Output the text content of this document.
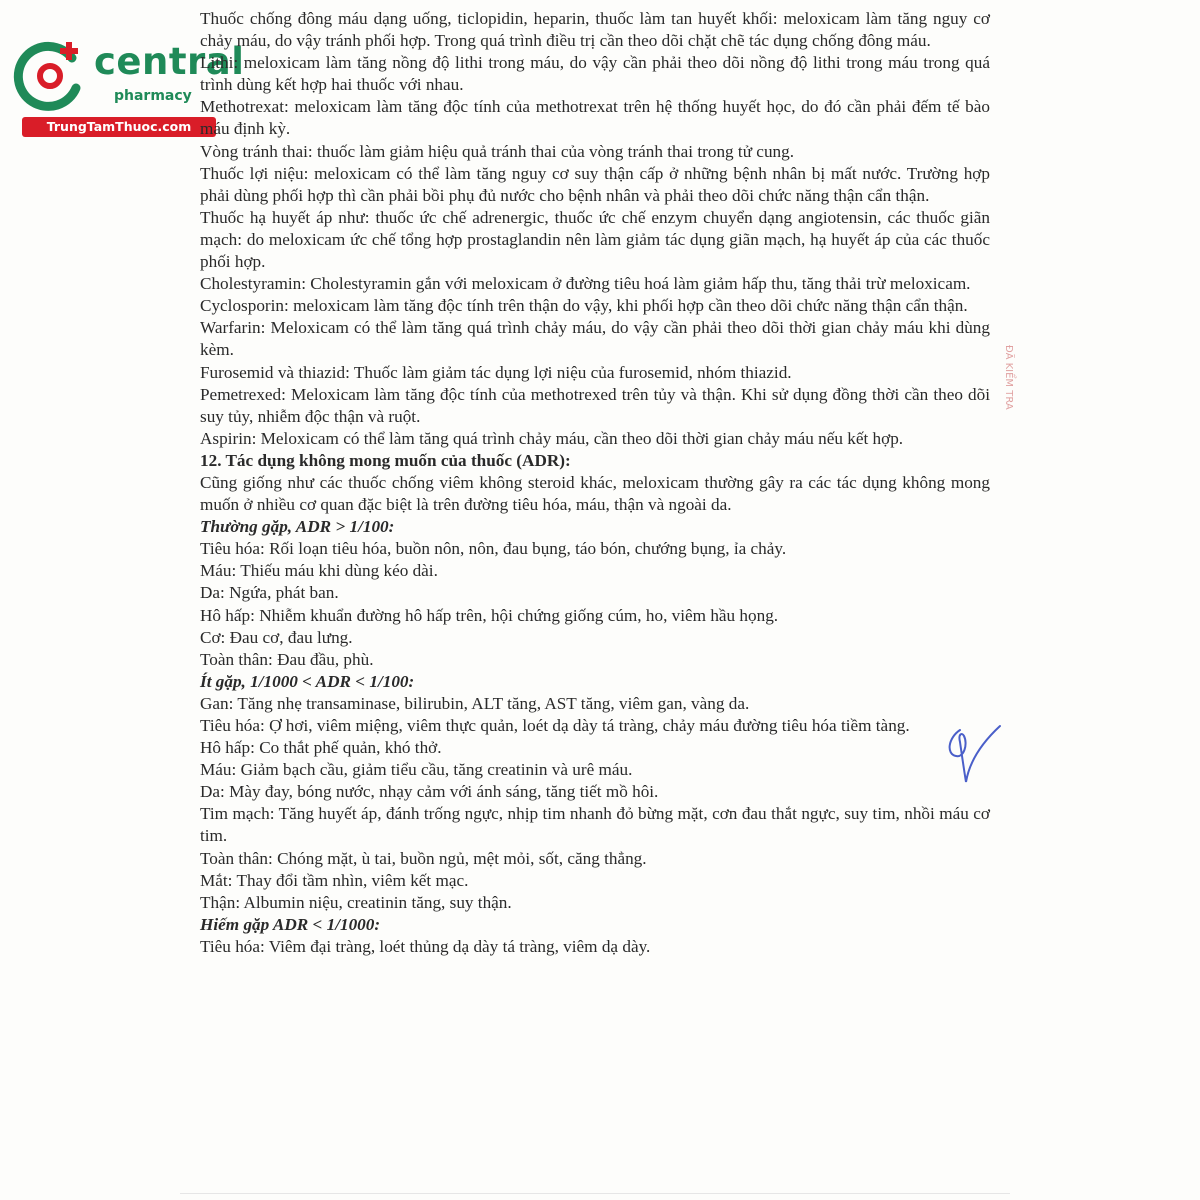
central
pharmacy
TrungTamThuoc.com

Thuốc chống đông máu dạng uống, ticlopidin, heparin, thuốc làm tan huyết khối: meloxicam làm tăng nguy cơ chảy máu, do vậy tránh phối hợp. Trong quá trình điều trị cần theo dõi chặt chẽ tác dụng chống đông máu.

Lithi: meloxicam làm tăng nồng độ lithi trong máu, do vậy cần phải theo dõi nồng độ lithi trong máu trong quá trình dùng kết hợp hai thuốc với nhau.

Methotrexat: meloxicam làm tăng độc tính của methotrexat trên hệ thống huyết học, do đó cần phải đếm tế bào máu định kỳ.

Vòng tránh thai: thuốc làm giảm hiệu quả tránh thai của vòng tránh thai trong tử cung.

Thuốc lợi niệu: meloxicam có thể làm tăng nguy cơ suy thận cấp ở những bệnh nhân bị mất nước. Trường hợp phải dùng phối hợp thì cần phải bồi phụ đủ nước cho bệnh nhân và phải theo dõi chức năng thận cẩn thận.

Thuốc hạ huyết áp như: thuốc ức chế adrenergic, thuốc ức chế enzym chuyển dạng angiotensin, các thuốc giãn mạch: do meloxicam ức chế tổng hợp prostaglandin nên làm giảm tác dụng giãn mạch, hạ huyết áp của các thuốc phối hợp.

Cholestyramin: Cholestyramin gắn với meloxicam ở đường tiêu hoá làm giảm hấp thu, tăng thải trừ meloxicam.

Cyclosporin: meloxicam làm tăng độc tính trên thận do vậy, khi phối hợp cần theo dõi chức năng thận cẩn thận.

Warfarin: Meloxicam có thể làm tăng quá trình chảy máu, do vậy cần phải theo dõi thời gian chảy máu khi dùng kèm.

Furosemid và thiazid: Thuốc làm giảm tác dụng lợi niệu của furosemid, nhóm thiazid.

Pemetrexed: Meloxicam làm tăng độc tính của methotrexed trên tủy và thận. Khi sử dụng đồng thời cần theo dõi suy tủy, nhiễm độc thận và ruột.

Aspirin: Meloxicam có thể làm tăng quá trình chảy máu, cần theo dõi thời gian chảy máu nếu kết hợp.

12. Tác dụng không mong muốn của thuốc (ADR):

Cũng giống như các thuốc chống viêm không steroid khác, meloxicam thường gây ra các tác dụng không mong muốn ở nhiều cơ quan đặc biệt là trên đường tiêu hóa, máu, thận và ngoài da.

Thường gặp, ADR > 1/100:

Tiêu hóa: Rối loạn tiêu hóa, buồn nôn, nôn, đau bụng, táo bón, chướng bụng, ỉa chảy.

Máu: Thiếu máu khi dùng kéo dài.

Da: Ngứa, phát ban.

Hô hấp: Nhiễm khuẩn đường hô hấp trên, hội chứng giống cúm, ho, viêm hầu họng.

Cơ: Đau cơ, đau lưng.

Toàn thân: Đau đầu, phù.

Ít gặp, 1/1000 < ADR < 1/100:

Gan: Tăng nhẹ transaminase, bilirubin, ALT tăng, AST tăng, viêm gan, vàng da.

Tiêu hóa: Ợ hơi, viêm miệng, viêm thực quản, loét dạ dày tá tràng, chảy máu đường tiêu hóa tiềm tàng.

Hô hấp: Co thắt phế quản, khó thở.

Máu: Giảm bạch cầu, giảm tiểu cầu, tăng creatinin và urê máu.

Da: Mày đay, bóng nước, nhạy cảm với ánh sáng, tăng tiết mồ hôi.

Tim mạch: Tăng huyết áp, đánh trống ngực, nhịp tim nhanh đỏ bừng mặt, cơn đau thắt ngực, suy tim, nhồi máu cơ tim.

Toàn thân: Chóng mặt, ù tai, buồn ngủ, mệt mỏi, sốt, căng thẳng.

Mắt: Thay đổi tầm nhìn, viêm kết mạc.

Thận: Albumin niệu, creatinin tăng, suy thận.

Hiếm gặp ADR < 1/1000:

Tiêu hóa: Viêm đại tràng, loét thủng dạ dày tá tràng, viêm dạ dày.

ĐÃ KIỂM TRA
